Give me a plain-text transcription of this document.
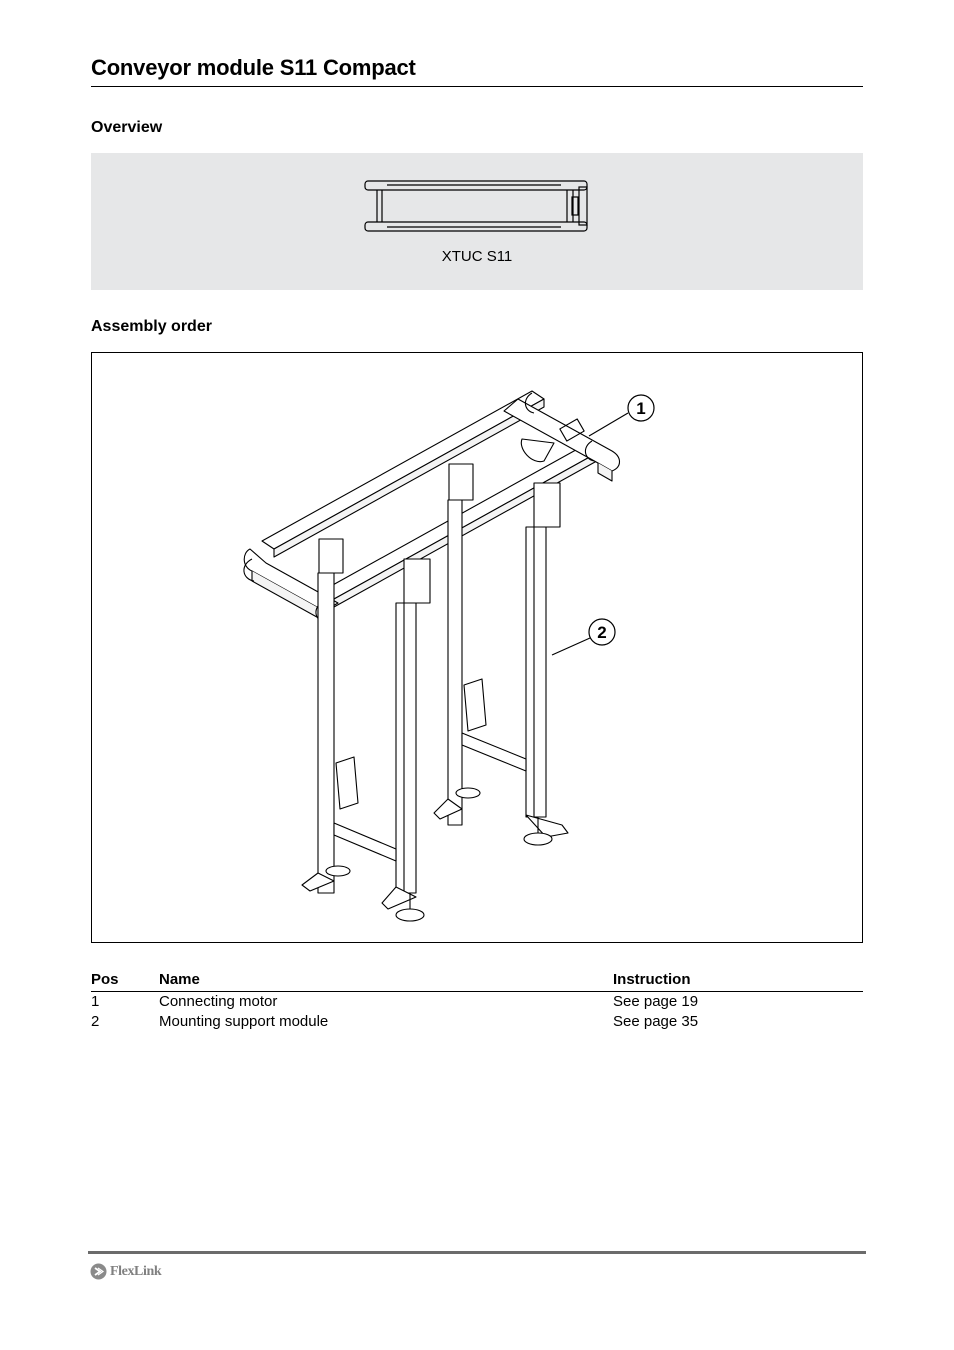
Conveyor module S11 Compact
Overview
XTUC S11
Assembly order
1
2
Pos	Name	Instruction
1	Connecting motor	See page 19
2	Mounting support module	See page 35
FlexLink
